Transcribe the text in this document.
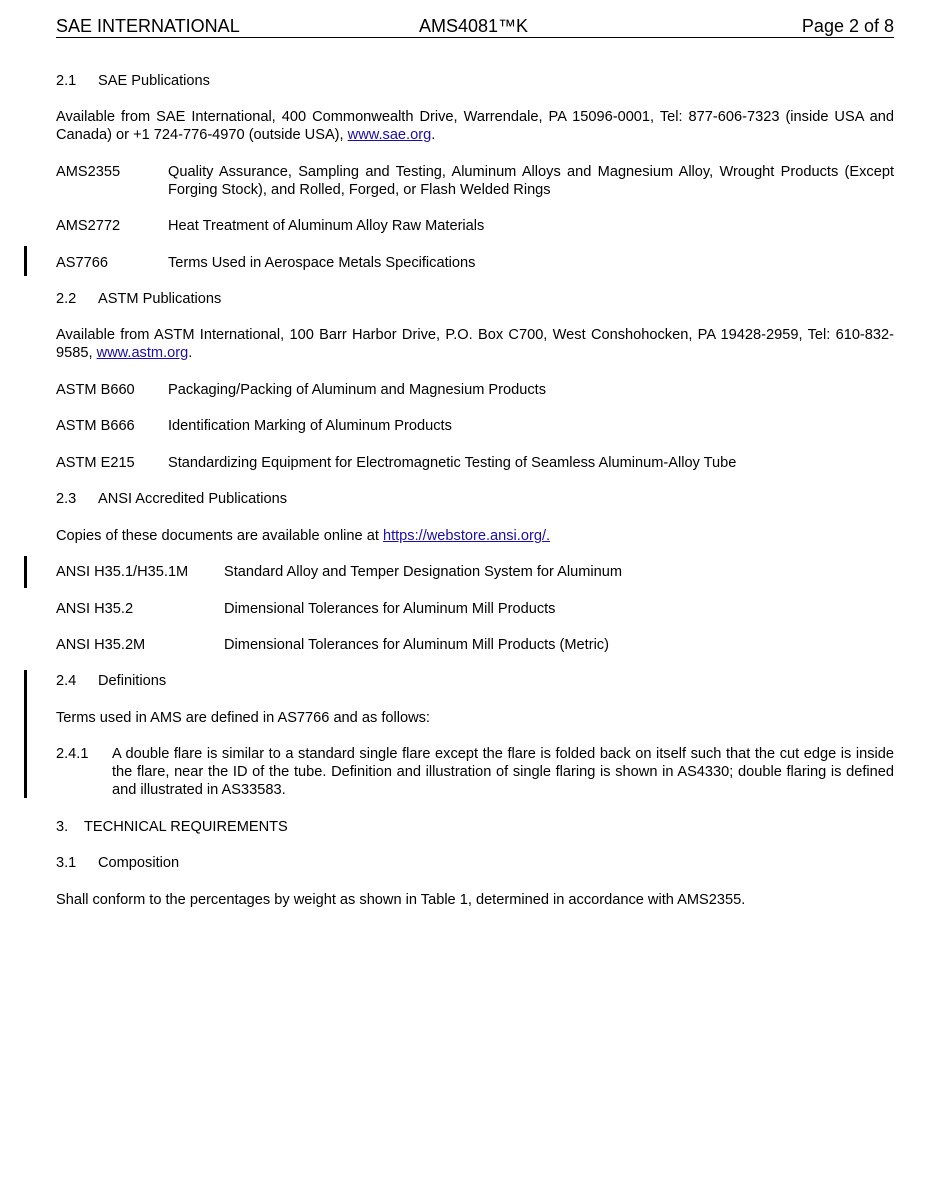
SAE INTERNATIONAL	AMS4081™K	Page 2 of 8
2.1 SAE Publications
Available from SAE International, 400 Commonwealth Drive, Warrendale, PA 15096-0001, Tel: 877-606-7323 (inside USA and Canada) or +1 724-776-4970 (outside USA), www.sae.org.
AMS2355	Quality Assurance, Sampling and Testing, Aluminum Alloys and Magnesium Alloy, Wrought Products (Except Forging Stock), and Rolled, Forged, or Flash Welded Rings
AMS2772	Heat Treatment of Aluminum Alloy Raw Materials
AS7766	Terms Used in Aerospace Metals Specifications
2.2 ASTM Publications
Available from ASTM International, 100 Barr Harbor Drive, P.O. Box C700, West Conshohocken, PA 19428-2959, Tel: 610-832-9585, www.astm.org.
ASTM B660 Packaging/Packing of Aluminum and Magnesium Products
ASTM B666 Identification Marking of Aluminum Products
ASTM E215 Standardizing Equipment for Electromagnetic Testing of Seamless Aluminum-Alloy Tube
2.3 ANSI Accredited Publications
Copies of these documents are available online at https://webstore.ansi.org/.
ANSI H35.1/H35.1M Standard Alloy and Temper Designation System for Aluminum
ANSI H35.2	Dimensional Tolerances for Aluminum Mill Products
ANSI H35.2M	Dimensional Tolerances for Aluminum Mill Products (Metric)
2.4 Definitions
Terms used in AMS are defined in AS7766 and as follows:
2.4.1 A double flare is similar to a standard single flare except the flare is folded back on itself such that the cut edge is inside the flare, near the ID of the tube. Definition and illustration of single flaring is shown in AS4330; double flaring is defined and illustrated in AS33583.
3. TECHNICAL REQUIREMENTS
3.1 Composition
Shall conform to the percentages by weight as shown in Table 1, determined in accordance with AMS2355.
